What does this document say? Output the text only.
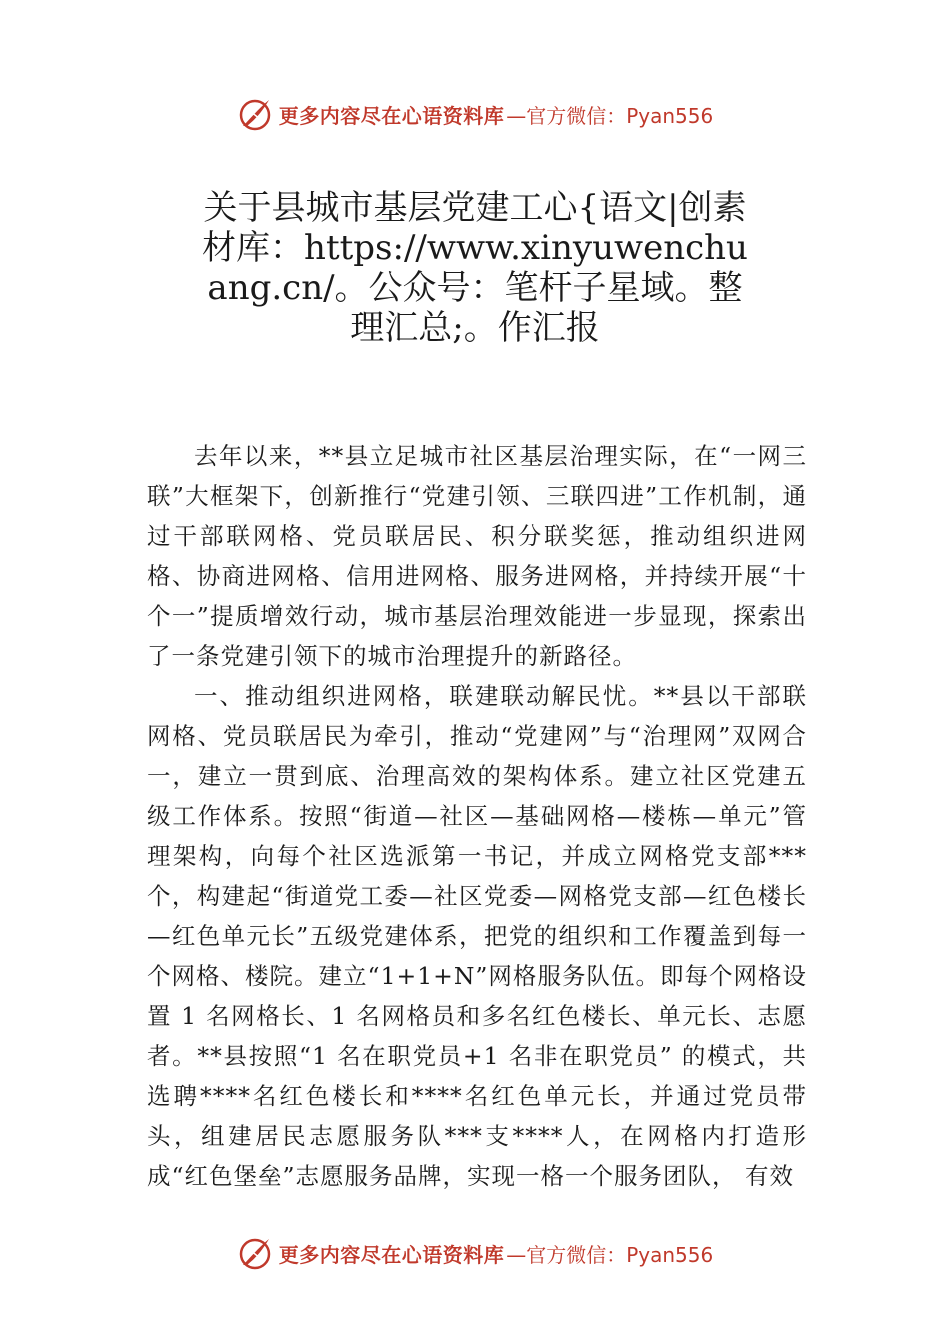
更多内容尽在心语资料库 —官方微信：Pyan556
关于县城市基层党建工心{语文|创素材库：https://www.xinyuwenchuang.cn/。公众号：笔杆子星域。整理汇总;。作汇报

去年以来，**县立足城市社区基层治理实际，在“一网三联”大框架下，创新推行“党建引领、三联四进”工作机制，通过干部联网格、党员联居民、积分联奖惩，推动组织进网格、协商进网格、信用进网格、服务进网格，并持续开展“十个一”提质增效行动，城市基层治理效能进一步显现，探索出了一条党建引领下的城市治理提升的新路径。

一、推动组织进网格，联建联动解民忧。**县以干部联网格、党员联居民为牵引，推动“党建网”与“治理网”双网合一，建立一贯到底、治理高效的架构体系。建立社区党建五级工作体系。按照“街道—社区—基础网格—楼栋—单元”管理架构，向每个社区选派第一书记，并成立网格党支部***个，构建起“街道党工委—社区党委—网格党支部—红色楼长—红色单元长”五级党建体系，把党的组织和工作覆盖到每一个网格、楼院。建立“1+1+N”网格服务队伍。即每个网格设置 1 名网格长、1 名网格员和多名红色楼长、单元长、志愿者。**县按照“1 名在职党员+1 名非在职党员” 的模式，共选聘****名红色楼长和****名红色单元长，并通过党员带头，组建居民志愿服务队***支****人，在网格内打造形成“红色堡垒”志愿服务品牌，实现一格一个服务团队， 有效

更多内容尽在心语资料库 —官方微信：Pyan556
